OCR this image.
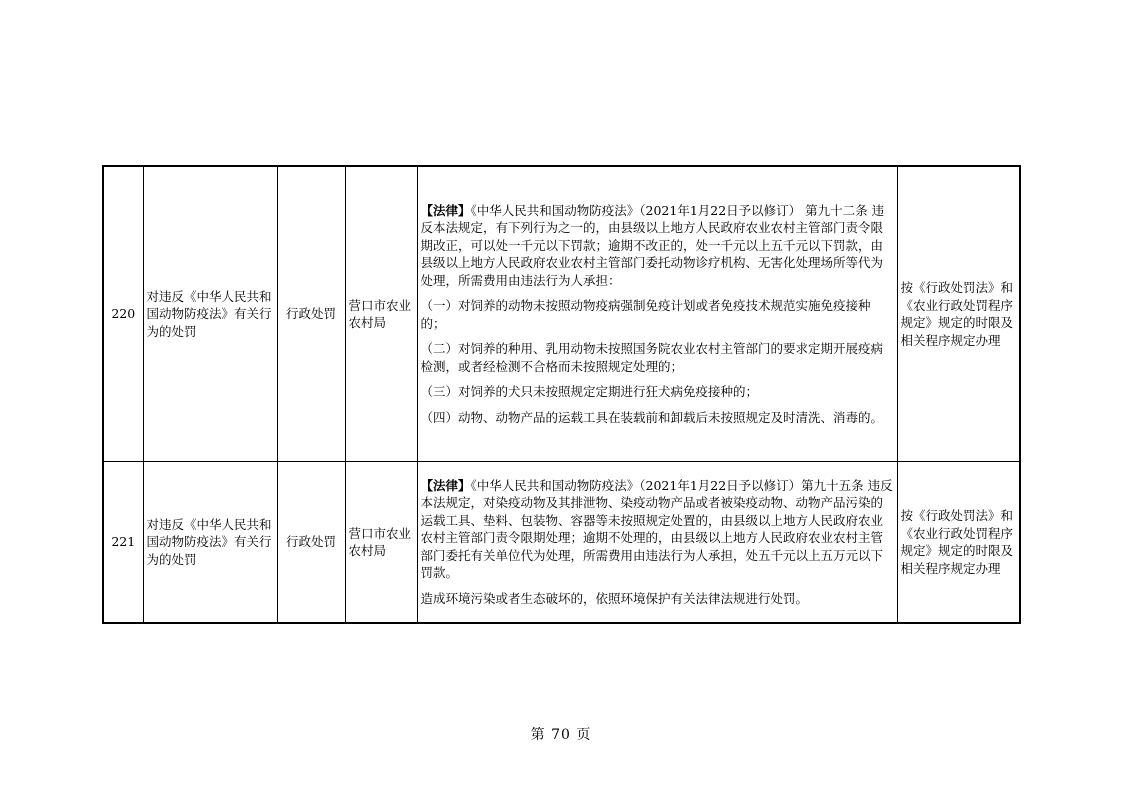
220	对违反《中华人民共和国动物防疫法》有关行为的处罚	行政处罚	营口市农业农村局	【法律】《中华人民共和国动物防疫法》（2021年1月22日予以修订） 第九十二条 违反本法规定，有下列行为之一的，由县级以上地方人民政府农业农村主管部门责令限期改正，可以处一千元以下罚款；逾期不改正的，处一千元以上五千元以下罚款，由县级以上地方人民政府农业农村主管部门委托动物诊疗机构、无害化处理场所等代为处理，所需费用由违法行为人承担：

（一）对饲养的动物未按照动物疫病强制免疫计划或者免疫技术规范实施免疫接种的；

（二）对饲养的种用、乳用动物未按照国务院农业农村主管部门的要求定期开展疫病检测，或者经检测不合格而未按照规定处理的；

（三）对饲养的犬只未按照规定定期进行狂犬病免疫接种的；

（四）动物、动物产品的运载工具在装载前和卸载后未按照规定及时清洗、消毒的。	按《行政处罚法》和《农业行政处罚程序规定》规定的时限及相关程序规定办理
221	对违反《中华人民共和国动物防疫法》有关行为的处罚	行政处罚	营口市农业农村局	【法律】《中华人民共和国动物防疫法》（2021年1月22日予以修订）第九十五条 违反本法规定，对染疫动物及其排泄物、染疫动物产品或者被染疫动物、动物产品污染的运载工具、垫料、包装物、容器等未按照规定处置的，由县级以上地方人民政府农业农村主管部门责令限期处理；逾期不处理的，由县级以上地方人民政府农业农村主管部门委托有关单位代为处理，所需费用由违法行为人承担，处五千元以上五万元以下罚款。

造成环境污染或者生态破坏的，依照环境保护有关法律法规进行处罚。	按《行政处罚法》和《农业行政处罚程序规定》规定的时限及相关程序规定办理
第 70 页
